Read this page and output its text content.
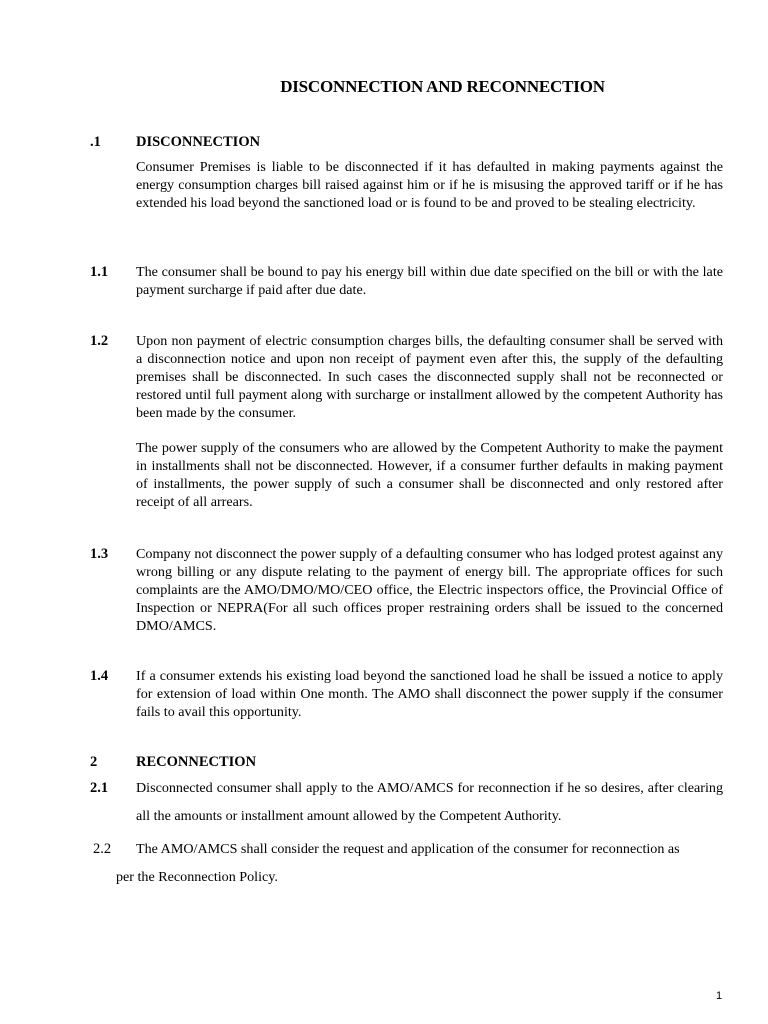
DISCONNECTION AND RECONNECTION
.1 DISCONNECTION
Consumer Premises is liable to be disconnected if it has defaulted in making payments against the energy consumption charges bill raised against him or if he is misusing the approved tariff or if he has extended his load beyond the sanctioned load or is found to be and proved to be stealing electricity.
1.1 The consumer shall be bound to pay his energy bill within due date specified on the bill or with the late payment surcharge if paid after due date.
1.2 Upon non payment of electric consumption charges bills, the defaulting consumer shall be served with a disconnection notice and upon non receipt of payment even after this, the supply of the defaulting premises shall be disconnected. In such cases the disconnected supply shall not be reconnected or restored until full payment along with surcharge or installment allowed by the competent Authority has been made by the consumer.
The power supply of the consumers who are allowed by the Competent Authority to make the payment in installments shall not be disconnected. However, if a consumer further defaults in making payment of installments, the power supply of such a consumer shall be disconnected and only restored after receipt of all arrears.
1.3 Company not disconnect the power supply of a defaulting consumer who has lodged protest against any wrong billing or any dispute relating to the payment of energy bill. The appropriate offices for such complaints are the AMO/DMO/MO/CEO office, the Electric inspectors office, the Provincial Office of Inspection or NEPRA(For all such offices proper restraining orders shall be issued to the concerned DMO/AMCS.
1.4 If a consumer extends his existing load beyond the sanctioned load he shall be issued a notice to apply for extension of load within One month. The AMO shall disconnect the power supply if the consumer fails to avail this opportunity.
2	RECONNECTION
2.1 Disconnected consumer shall apply to the AMO/AMCS for reconnection if he so desires, after clearing all the amounts or installment amount allowed by the Competent Authority.
2.2 The AMO/AMCS shall consider the request and application of the consumer for reconnection as
per the Reconnection Policy.
1
